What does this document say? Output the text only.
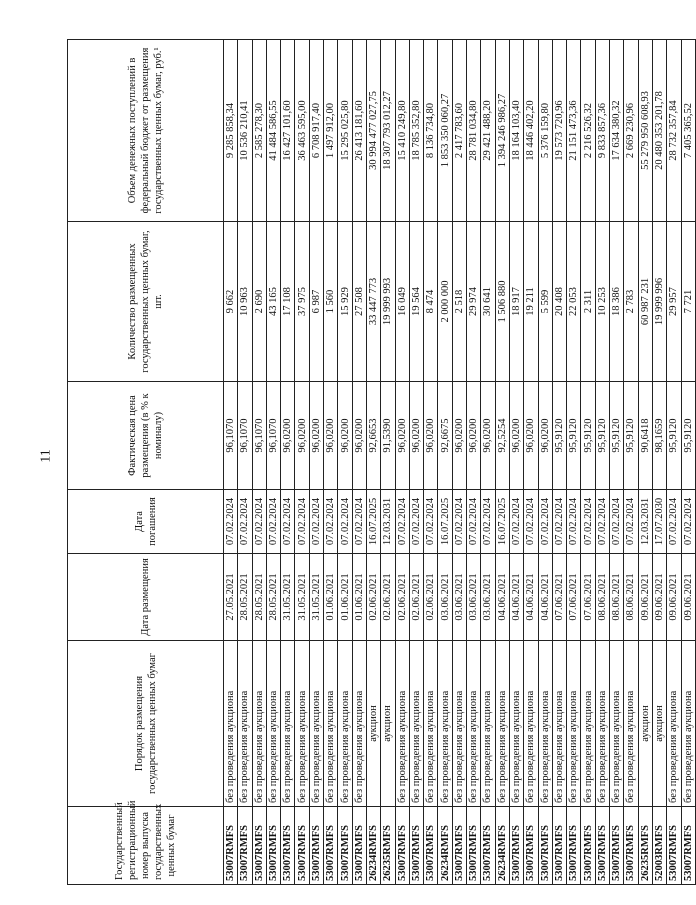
11
Государственный регистрационный номер выпуска государственных ценных бумаг	Порядок размещения государственных ценных бумаг	Дата размещения	Дата погашения	Фактическая цена размещения (в % к номиналу)	Количество размещенных государственных ценных бумаг, шт.	Объем денежных поступлений в федеральный бюджет от размещения государственных ценных бумаг, руб.¹
53007RMFS	без проведения аукциона	27.05.2021	07.02.2024	96,1070	9 662	9 285 858,34
53007RMFS	без проведения аукциона	28.05.2021	07.02.2024	96,1070	10 963	10 536 210,41
53007RMFS	без проведения аукциона	28.05.2021	07.02.2024	96,1070	2 690	2 585 278,30
53007RMFS	без проведения аукциона	28.05.2021	07.02.2024	96,1070	43 165	41 484 586,55
53007RMFS	без проведения аукциона	31.05.2021	07.02.2024	96,0200	17 108	16 427 101,60
53007RMFS	без проведения аукциона	31.05.2021	07.02.2024	96,0200	37 975	36 463 595,00
53007RMFS	без проведения аукциона	31.05.2021	07.02.2024	96,0200	6 987	6 708 917,40
53007RMFS	без проведения аукциона	01.06.2021	07.02.2024	96,0200	1 560	1 497 912,00
53007RMFS	без проведения аукциона	01.06.2021	07.02.2024	96,0200	15 929	15 295 025,80
53007RMFS	без проведения аукциона	01.06.2021	07.02.2024	96,0200	27 508	26 413 181,60
26234RMFS	аукцион	02.06.2021	16.07.2025	92,6653	33 447 773	30 994 477 027,75
26235RMFS	аукцион	02.06.2021	12.03.2031	91,5390	19 999 993	18 307 793 012,27
53007RMFS	без проведения аукциона	02.06.2021	07.02.2024	96,0200	16 049	15 410 249,80
53007RMFS	без проведения аукциона	02.06.2021	07.02.2024	96,0200	19 564	18 785 352,80
53007RMFS	без проведения аукциона	02.06.2021	07.02.2024	96,0200	8 474	8 136 734,80
26234RMFS	без проведения аукциона	03.06.2021	16.07.2025	92,6675	2 000 000	1 853 350 060,27
53007RMFS	без проведения аукциона	03.06.2021	07.02.2024	96,0200	2 518	2 417 783,60
53007RMFS	без проведения аукциона	03.06.2021	07.02.2024	96,0200	29 974	28 781 034,80
53007RMFS	без проведения аукциона	03.06.2021	07.02.2024	96,0200	30 641	29 421 488,20
26234RMFS	без проведения аукциона	04.06.2021	16.07.2025	92,5254	1 506 880	1 394 246 986,27
53007RMFS	без проведения аукциона	04.06.2021	07.02.2024	96,0200	18 917	18 164 103,40
53007RMFS	без проведения аукциона	04.06.2021	07.02.2024	96,0200	19 211	18 446 402,20
53007RMFS	без проведения аукциона	04.06.2021	07.02.2024	96,0200	5 599	5 376 159,80
53007RMFS	без проведения аукциона	07.06.2021	07.02.2024	95,9120	20 408	19 573 720,96
53007RMFS	без проведения аукциона	07.06.2021	07.02.2024	95,9120	22 053	21 151 473,36
53007RMFS	без проведения аукциона	07.06.2021	07.02.2024	95,9120	2 311	2 216 526,32
53007RMFS	без проведения аукциона	08.06.2021	07.02.2024	95,9120	10 253	9 833 857,36
53007RMFS	без проведения аукциона	08.06.2021	07.02.2024	95,9120	18 386	17 634 380,32
53007RMFS	без проведения аукциона	08.06.2021	07.02.2024	95,9120	2 783	2 669 230,96
26235RMFS	аукцион	09.06.2021	12.03.2031	90,6418	60 987 231	55 279 950 608,93
52003RMFS	аукцион	09.06.2021	17.07.2030	98,1659	19 999 996	20 480 353 201,78
53007RMFS	без проведения аукциона	09.06.2021	07.02.2024	95,9120	29 957	28 732 357,84
53007RMFS	без проведения аукциона	09.06.2021	07.02.2024	95,9120	7 721	7 405 365,52
